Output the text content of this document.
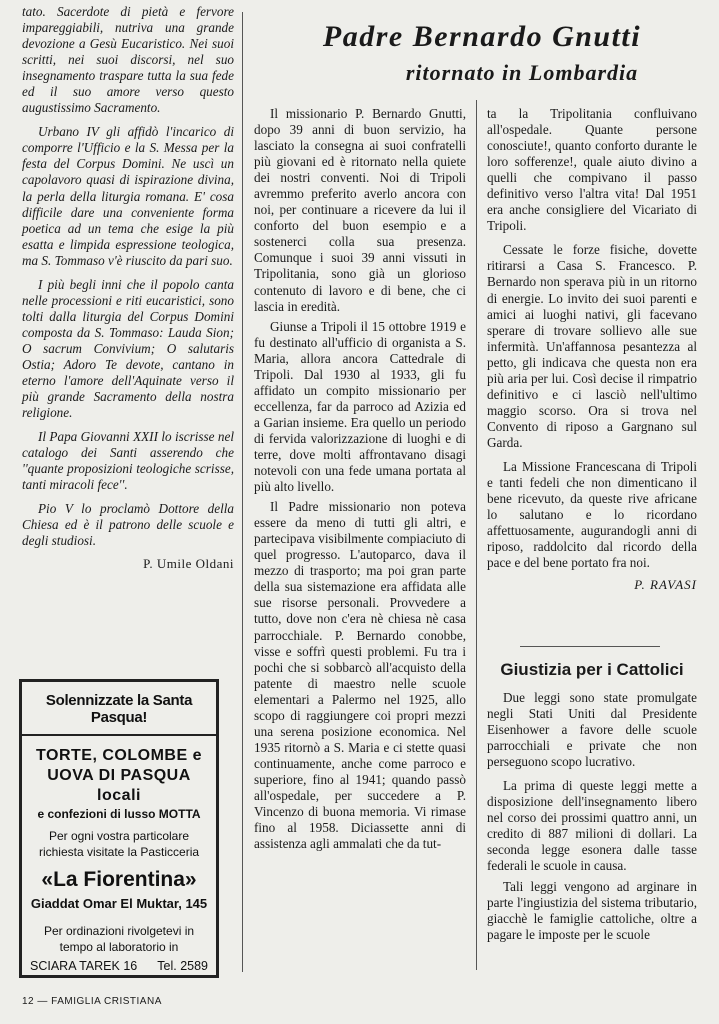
tato. Sacerdote di pietà e fervore impareggiabili, nutriva una grande devozione a Gesù Eucaristico. Nei suoi scritti, nei suoi discorsi, nel suo insegnamento traspare tutta la sua fede ed il suo amore verso questo augustissimo Sacramento.

Urbano IV gli affidò l'incarico di comporre l'Ufficio e la S. Messa per la festa del Corpus Domini. Ne uscì un capolavoro quasi di ispirazione divina, la perla della liturgia romana. E' cosa difficile dare una conveniente forma poetica ad un tema che esige la più esatta e limpida espressione teologica, ma S. Tommaso v'è riuscito da pari suo.

I più begli inni che il popolo canta nelle processioni e riti eucaristici, sono tolti dalla liturgia del Corpus Domini composta da S. Tommaso: Lauda Sion; O sacrum Convivium; O salutaris Ostia; Adoro Te devote, cantano in eterno l'amore dell'Aquinate verso il più grande Sacramento della nostra religione.

Il Papa Giovanni XXII lo iscrisse nel catalogo dei Santi asserendo che ''quante proposizioni teologiche scrisse, tanti miracoli fece''.

Pio V lo proclamò Dottore della Chiesa ed è il patrono delle scuole e degli studiosi.

P. Umile Oldani
Solennizzate la Santa Pasqua!
TORTE, COLOMBE e
UOVA DI PASQUA locali
e confezioni di lusso MOTTA
Per ogni vostra particolare richiesta visitate la Pasticceria
«La Fiorentina»
Giaddat Omar El Muktar, 145
Per ordinazioni rivolgetevi in tempo al laboratorio in
SCIARA TAREK 16 Tel. 2589
Padre Bernardo Gnutti
ritornato in Lombardia

Il missionario P. Bernardo Gnutti, dopo 39 anni di buon servizio, ha lasciato la consegna ai suoi confratelli più giovani ed è ritornato nella quiete dei nostri conventi. Noi di Tripoli avremmo preferito averlo ancora con noi, per continuare a ricevere da lui il conforto del buon esempio e a sostenerci colla sua presenza. Comunque i suoi 39 anni vissuti in Tripolitania, sono già un glorioso contenuto di lavoro e di bene, che ci lascia in eredità.

Giunse a Tripoli il 15 ottobre 1919 e fu destinato all'ufficio di organista a S. Maria, allora ancora Cattedrale di Tripoli. Dal 1930 al 1933, gli fu affidato un compito missionario per eccellenza, far da parroco ad Azizia ed a Garian insieme. Era quello un periodo di fervida valorizzazione di luoghi e di terre, dove molti affrontavano disagi notevoli con una fede umana portata al più alto livello.

Il Padre missionario non poteva essere da meno di tutti gli altri, e partecipava visibilmente compiaciuto di quel progresso. L'autoparco, dava il mezzo di trasporto; ma poi gran parte della sua sistemazione era affidata alle sue risorse personali. Provvedere a tutto, dove non c'era nè chiesa nè casa parrocchiale. P. Bernardo conobbe, visse e soffrì questi problemi. Fu tra i pochi che si sobbarcò all'acquisto della patente di maestro nelle scuole elementari a Palermo nel 1925, allo scopo di raggiungere coi propri mezzi una serena posizione economica. Nel 1935 ritornò a S. Maria e ci stette quasi continuamente, anche come parroco e superiore, fino al 1941; quando passò all'ospedale, per succedere a P. Vincenzo di buona memoria. Vi rimase fino al 1958. Diciassette anni di assistenza agli ammalati che da tut-

ta la Tripolitania confluivano all'ospedale. Quante persone conosciute!, quanto conforto durante le loro sofferenze!, quale aiuto divino a quelli che compivano il passo definitivo verso l'altra vita! Dal 1951 era anche consigliere del Vicariato di Tripoli.

Cessate le forze fisiche, dovette ritirarsi a Casa S. Francesco. P. Bernardo non sperava più in un ritorno di energie. Lo invito dei suoi parenti e amici ai luoghi nativi, gli facevano sperare di trovare sollievo alle sue infermità. Un'affannosa pesantezza al petto, gli indicava che questa non era più aria per lui. Così decise il rimpatrio definitivo e ci lasciò nell'ultimo maggio scorso. Ora si trova nel Convento di riposo a Gargnano sul Garda.

La Missione Francescana di Tripoli e tanti fedeli che non dimenticano il bene ricevuto, da queste rive africane lo salutano e lo ricordano affettuosamente, augurandogli anni di riposo, raddolcito dal ricordo della pace e del bene portato fra noi.

P. RAVASI
Giustizia per i Cattolici

Due leggi sono state promulgate negli Stati Uniti dal Presidente Eisenhower a favore delle scuole parrocchiali e private che non perseguono scopo lucrativo.

La prima di queste leggi mette a disposizione dell'insegnamento libero nel corso dei prossimi quattro anni, un credito di 887 milioni di dollari. La seconda legge esonera dalle tasse federali le scuole in causa.

Tali leggi vengono ad arginare in parte l'ingiustizia del sistema tributario, giacchè le famiglie cattoliche, oltre a pagare le imposte per le scuole

12 — FAMIGLIA CRISTIANA
